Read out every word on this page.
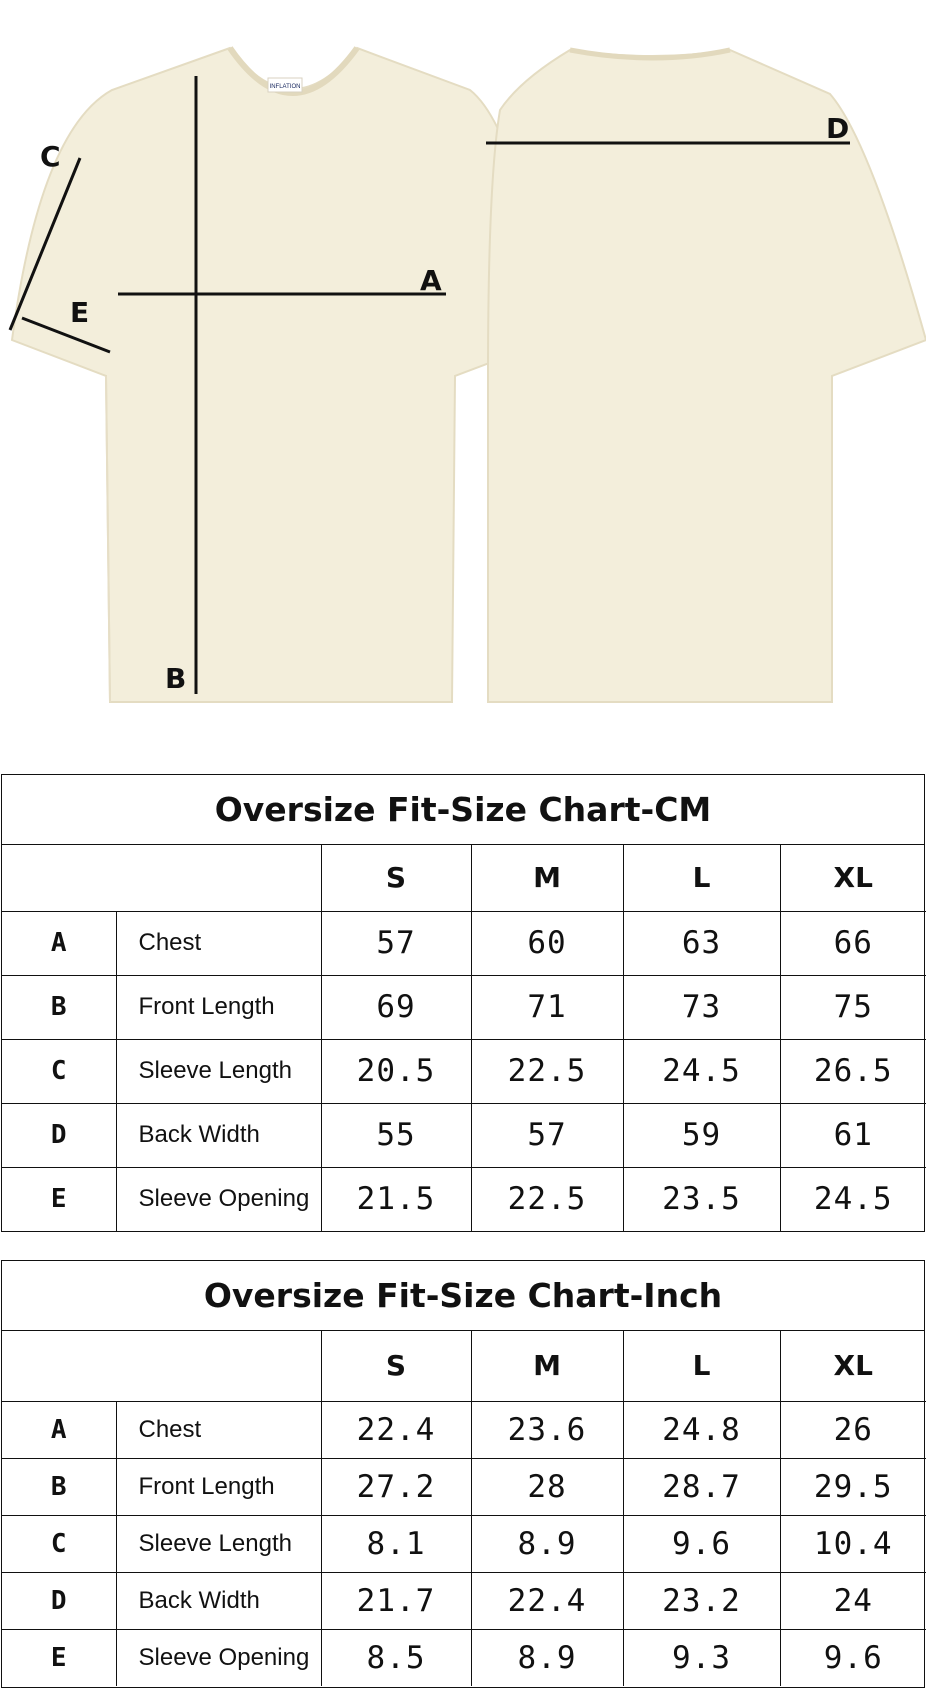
INFLATION
A
B
C
D
E
Oversize Fit-Size Chart-CM
		S	M	L	XL
A	Chest	57	60	63	66
B	Front Length	69	71	73	75
C	Sleeve Length	20.5	22.5	24.5	26.5
D	Back Width	55	57	59	61
E	Sleeve Opening	21.5	22.5	23.5	24.5
Oversize Fit-Size Chart-Inch
		S	M	L	XL
A	Chest	22.4	23.6	24.8	26
B	Front Length	27.2	28	28.7	29.5
C	Sleeve Length	8.1	8.9	9.6	10.4
D	Back Width	21.7	22.4	23.2	24
E	Sleeve Opening	8.5	8.9	9.3	9.6
